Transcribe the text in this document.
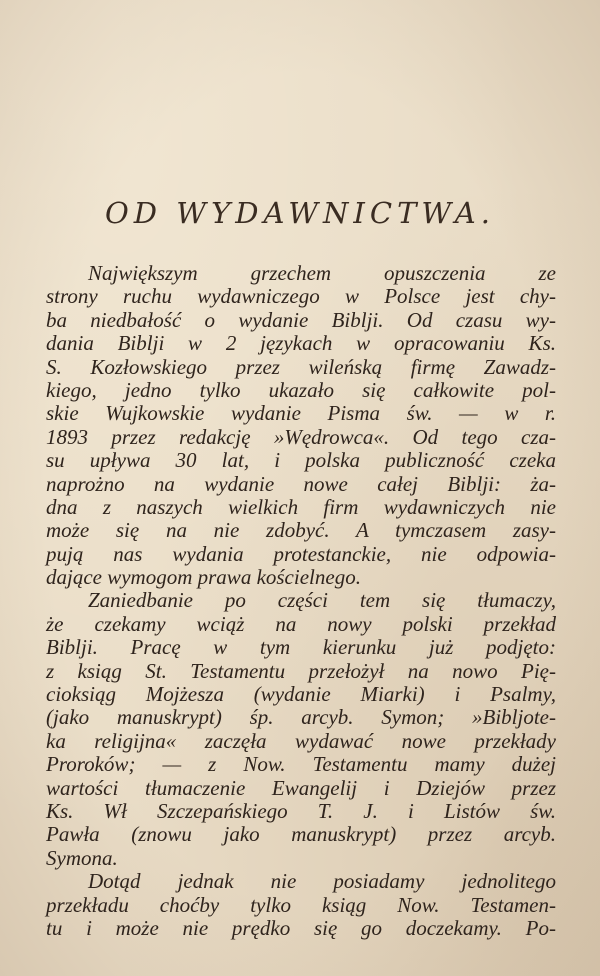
OD WYDAWNICTWA.
Największym grzechem opuszczenia ze
strony ruchu wydawniczego w Polsce jest chy-
ba niedbałość o wydanie Biblji. Od czasu wy-
dania Biblji w 2 językach w opracowaniu Ks.
S. Kozłowskiego przez wileńską firmę Zawadz-
kiego, jedno tylko ukazało się całkowite pol-
skie Wujkowskie wydanie Pisma św. — w r.
1893 przez redakcję »Wędrowca«. Od tego cza-
su upływa 30 lat, i polska publiczność czeka
naprożno na wydanie nowe całej Biblji: ża-
dna z naszych wielkich firm wydawniczych nie
może się na nie zdobyć. A tymczasem zasy-
pują nas wydania protestanckie, nie odpowia-
dające wymogom prawa kościelnego.
Zaniedbanie po części tem się tłumaczy,
że czekamy wciąż na nowy polski przekład
Biblji. Pracę w tym kierunku już podjęto:
z ksiąg St. Testamentu przełożył na nowo Pię-
cioksiąg Mojżesza (wydanie Miarki) i Psalmy,
(jako manuskrypt) śp. arcyb. Symon; »Bibljote-
ka religijna« zaczęła wydawać nowe przekłady
Proroków; — z Now. Testamentu mamy dużej
wartości tłumaczenie Ewangelij i Dziejów przez
Ks. Wł Szczepańskiego T. J. i Listów św.
Pawła (znowu jako manuskrypt) przez arcyb.
Symona.
Dotąd jednak nie posiadamy jednolitego
przekładu choćby tylko ksiąg Now. Testamen-
tu i może nie prędko się go doczekamy. Po-
